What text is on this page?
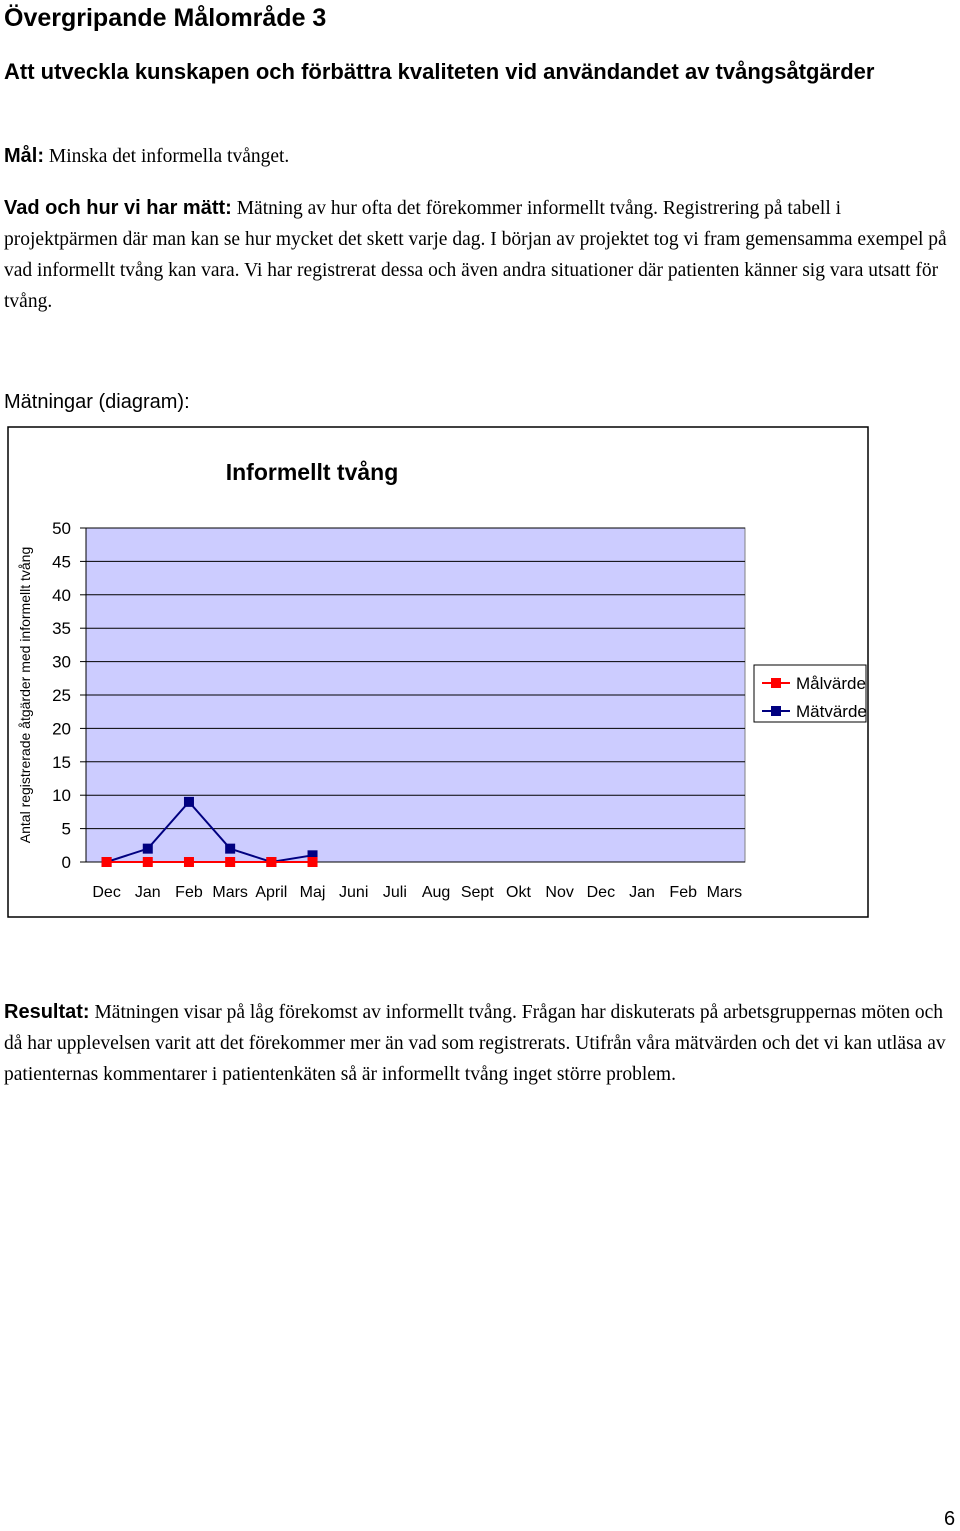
Övergripande Målområde 3
Att utveckla kunskapen och förbättra kvaliteten vid användandet av tvångsåtgärder
Mål: Minska det informella tvånget.
Vad och hur vi har mätt: Mätning av hur ofta det förekommer informellt tvång. Registrering på tabell i projektpärmen där man kan se hur mycket det skett varje dag. I början av projektet tog vi fram gemensamma exempel på vad informellt tvång kan vara. Vi har registrerat dessa och även andra situationer där patienten känner sig vara utsatt för tvång.
Mätningar (diagram):
Informellt tvång
0
5
10
15
20
25
30
35
40
45
50
Dec Jan Feb Mars April Maj Juni Juli Aug Sept Okt Nov Dec Jan Feb Mars
Antal registrerade åtgärder med informellt tvång	Målvärde
Mätvärde
Resultat: Mätningen visar på låg förekomst av informellt tvång. Frågan har diskuterats på arbetsgruppernas möten och då har upplevelsen varit att det förekommer mer än vad som registrerats. Utifrån våra mätvärden och det vi kan utläsa av patienternas kommentarer i patientenkäten så är informellt tvång inget större problem.
6
